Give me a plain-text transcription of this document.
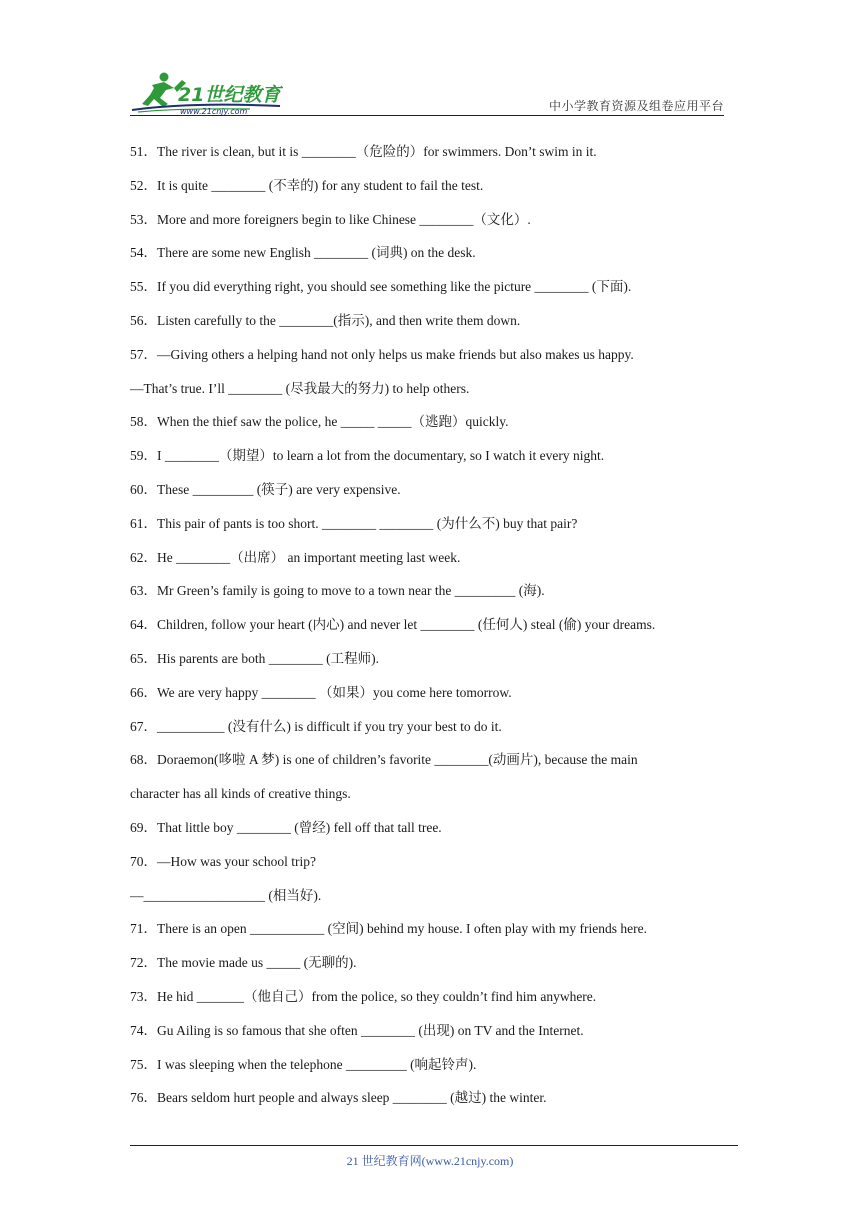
21世纪教育
www.21cnjy.com	中小学教育资源及组卷应用平台
51．The river is clean, but it is ________（危险的）for swimmers. Don’t swim in it.
52．It is quite ________ (不幸的) for any student to fail the test.
53．More and more foreigners begin to like Chinese ________（文化）.
54．There are some new English ________ (词典) on the desk.
55．If you did everything right, you should see something like the picture ________ (下面).
56．Listen carefully to the ________(指示), and then write them down.
57．—Giving others a helping hand not only helps us make friends but also makes us happy.
—That’s true. I’ll ________ (尽我最大的努力) to help others.
58．When the thief saw the police, he _____ _____（逃跑）quickly.
59．I ________（期望）to learn a lot from the documentary, so I watch it every night.
60．These _________ (筷子) are very expensive.
61．This pair of pants is too short. ________ ________ (为什么不) buy that pair?
62．He ________（出席） an important meeting last week.
63．Mr Green’s family is going to move to a town near the _________ (海).
64．Children, follow your heart (内心) and never let ________ (任何人) steal (偷) your dreams.
65．His parents are both ________ (工程师).
66．We are very happy ________ （如果）you come here tomorrow.
67．__________ (没有什么) is difficult if you try your best to do it.
68．Doraemon(哆啦 A 梦) is one of children’s favorite ________(动画片), because the main
character has all kinds of creative things.
69．That little boy ________ (曾经) fell off that tall tree.
70．—How was your school trip?
—__________________ (相当好).
71．There is an open ___________ (空间) behind my house. I often play with my friends here.
72．The movie made us _____ (无聊的).
73．He hid _______（他自己）from the police, so they couldn’t find him anywhere.
74．Gu Ailing is so famous that she often ________ (出现) on TV and the Internet.
75．I was sleeping when the telephone _________ (响起铃声).
76．Bears seldom hurt people and always sleep ________ (越过) the winter.
21 世纪教育网(www.21cnjy.com)
